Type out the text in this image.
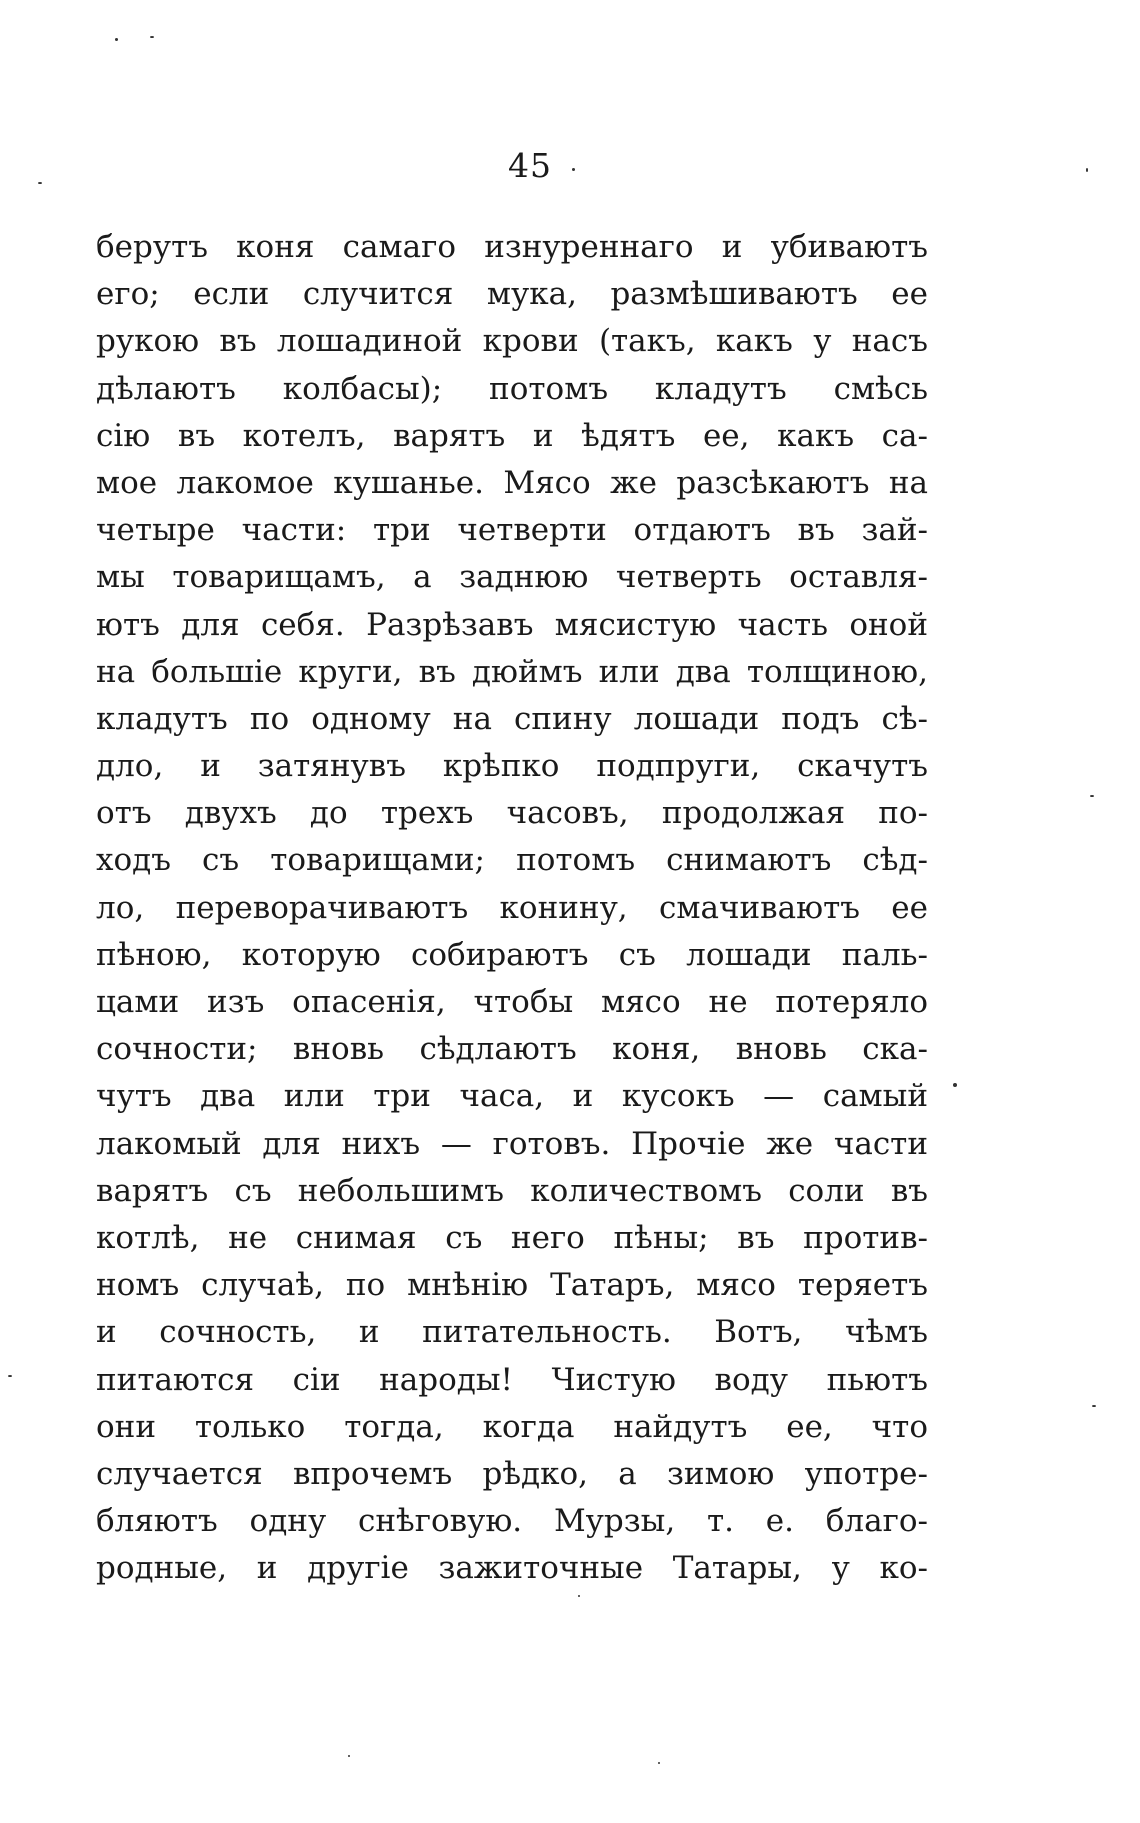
45
берутъ коня самаго изнуреннаго и убиваютъ
его; если случится мука, размѣшиваютъ ее
рукою въ лошадиной крови (такъ, какъ у насъ
дѣлаютъ колбасы); потомъ кладутъ смѣсь
сію въ котелъ, варятъ и ѣдятъ ее, какъ са-
мое лакомое кушанье. Мясо же разсѣкаютъ на
четыре части: три четверти отдаютъ въ зай-
мы товарищамъ, а заднюю четверть оставля-
ютъ для себя. Разрѣзавъ мясистую часть оной
на большіе круги, въ дюймъ или два толщиною,
кладутъ по одному на спину лошади подъ сѣ-
дло, и затянувъ крѣпко подпруги, скачутъ
отъ двухъ до трехъ часовъ, продолжая по-
ходъ съ товарищами; потомъ снимаютъ сѣд-
ло, переворачиваютъ конину, смачиваютъ ее
пѣною, которую собираютъ съ лошади паль-
цами изъ опасенія, чтобы мясо не потеряло
сочности; вновь сѣдлаютъ коня, вновь ска-
чутъ два или три часа, и кусокъ — самый
лакомый для нихъ — готовъ. Прочіе же части
варятъ съ небольшимъ количествомъ соли въ
котлѣ, не снимая съ него пѣны; въ против-
номъ случаѣ, по мнѣнію Татаръ, мясо теряетъ
и сочность, и питательность. Вотъ, чѣмъ
питаются сіи народы! Чистую воду пьютъ
они только тогда, когда найдутъ ее, что
случается впрочемъ рѣдко, а зимою употре-
бляютъ одну снѣговую. Мурзы, т. е. благо-
родные, и другіе зажиточные Татары, у ко-
